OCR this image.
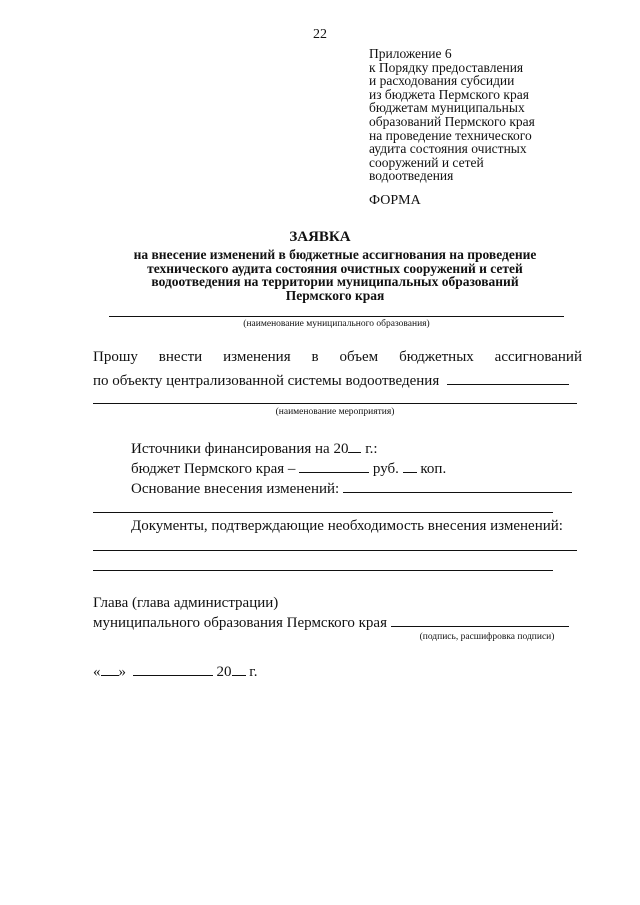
22
Приложение 6
к Порядку предоставления
и расходования субсидии
из бюджета Пермского края
бюджетам муниципальных
образований Пермского края
на проведение технического
аудита состояния очистных
сооружений и сетей
водоотведения
ФОРМА
ЗАЯВКА
на внесение изменений в бюджетные ассигнования на проведение
технического аудита состояния очистных сооружений и сетей
водоотведения на территории муниципальных образований
Пермского края
(наименование муниципального образования)
Прошу внести изменения в объем бюджетных ассигнований
по объекту централизованной системы водоотведения
(наименование мероприятия)
Источники финансирования на 20 г.:
бюджет Пермского края –	руб. коп.
Основание внесения изменений:
Документы, подтверждающие необходимость внесения изменений:
Глава (глава администрации)
муниципального образования Пермского края
(подпись, расшифровка подписи)
« »	20 г.
